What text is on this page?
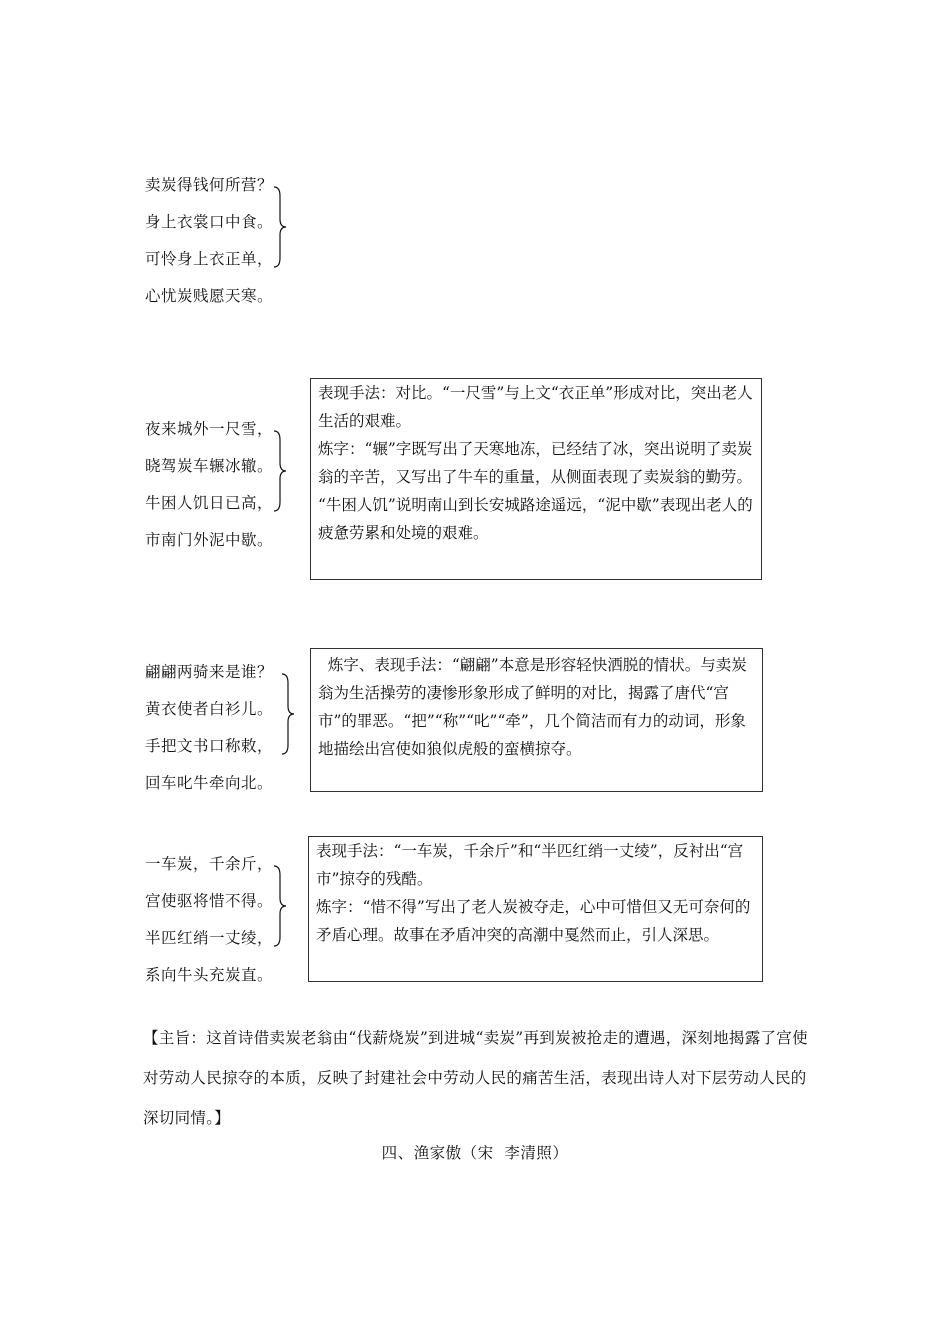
卖炭得钱何所营？
身上衣裳口中食。
可怜身上衣正单，
心忧炭贱愿天寒。
夜来城外一尺雪，
晓驾炭车辗冰辙。
牛困人饥日已高，
市南门外泥中歇。

表现手法：对比。“一尺雪”与上文“衣正单”形成对比，突出老人生活的艰难。

炼字：“辗”字既写出了天寒地冻，已经结了冰，突出说明了卖炭翁的辛苦，又写出了牛车的重量，从侧面表现了卖炭翁的勤劳。

“牛困人饥”说明南山到长安城路途遥远，“泥中歇”表现出老人的疲惫劳累和处境的艰难。

翩翩两骑来是谁？
黄衣使者白衫儿。
手把文书口称敕，
回车叱牛牵向北。

炼字、表现手法：“翩翩”本意是形容轻快洒脱的情状。与卖炭翁为生活操劳的凄惨形象形成了鲜明的对比，揭露了唐代“宫市”的罪恶。“把”“称”“叱”“牵”，几个简洁而有力的动词，形象地描绘出宫使如狼似虎般的蛮横掠夺。

一车炭，千余斤，
宫使驱将惜不得。
半匹红绡一丈绫，
系向牛头充炭直。

表现手法：“一车炭，千余斤”和“半匹红绡一丈绫”，反衬出“宫市”掠夺的残酷。

炼字：“惜不得”写出了老人炭被夺走，心中可惜但又无可奈何的矛盾心理。故事在矛盾冲突的高潮中戛然而止，引人深思。

【主旨：这首诗借卖炭老翁由“伐薪烧炭”到进城“卖炭”再到炭被抢走的遭遇，深刻地揭露了宫使对劳动人民掠夺的本质，反映了封建社会中劳动人民的痛苦生活，表现出诗人对下层劳动人民的深切同情。】
四、渔家傲（宋  李清照）
